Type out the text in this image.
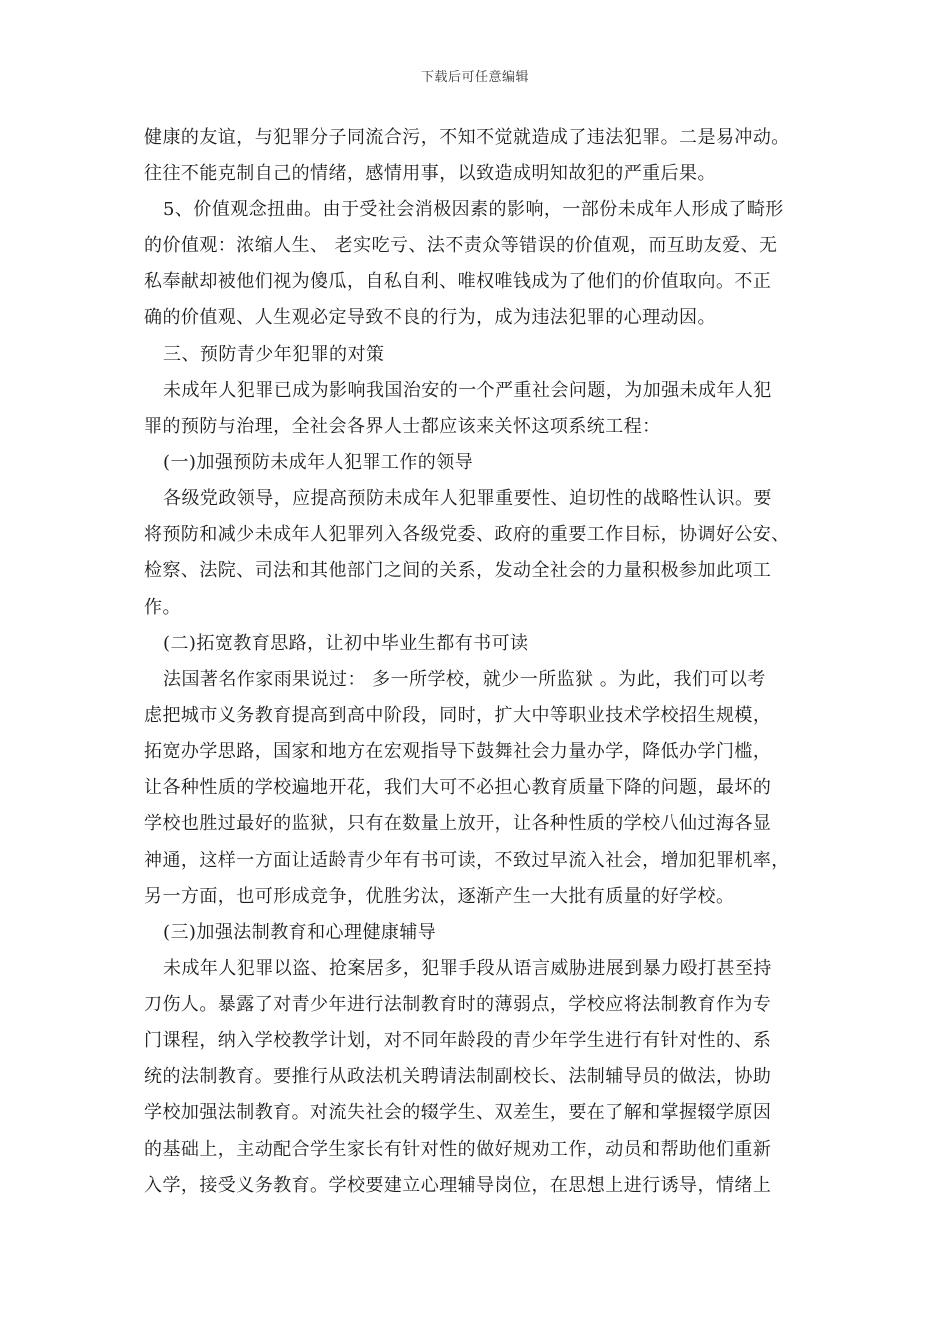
下载后可任意编辑
健康的友谊，与犯罪分子同流合污，不知不觉就造成了违法犯罪。二是易冲动。
往往不能克制自己的情绪，感情用事，以致造成明知故犯的严重后果。
5、价值观念扭曲。由于受社会消极因素的影响，一部份未成年人形成了畸形
的价值观：浓缩人生、 老实吃亏、法不责众等错误的价值观，而互助友爱、无
私奉献却被他们视为傻瓜，自私自利、唯权唯钱成为了他们的价值取向。不正
确的价值观、人生观必定导致不良的行为，成为违法犯罪的心理动因。
三、预防青少年犯罪的对策
未成年人犯罪已成为影响我国治安的一个严重社会问题，为加强未成年人犯
罪的预防与治理，全社会各界人士都应该来关怀这项系统工程：
(一)加强预防未成年人犯罪工作的领导
各级党政领导，应提高预防未成年人犯罪重要性、迫切性的战略性认识。要
将预防和减少未成年人犯罪列入各级党委、政府的重要工作目标，协调好公安、
检察、法院、司法和其他部门之间的关系，发动全社会的力量积极参加此项工
作。
(二)拓宽教育思路，让初中毕业生都有书可读
法国著名作家雨果说过： 多一所学校，就少一所监狱 。为此，我们可以考
虑把城市义务教育提高到高中阶段，同时，扩大中等职业技术学校招生规模，
拓宽办学思路，国家和地方在宏观指导下鼓舞社会力量办学，降低办学门槛，
让各种性质的学校遍地开花，我们大可不必担心教育质量下降的问题，最坏的
学校也胜过最好的监狱，只有在数量上放开，让各种性质的学校八仙过海各显
神通，这样一方面让适龄青少年有书可读，不致过早流入社会，增加犯罪机率，
另一方面，也可形成竞争，优胜劣汰，逐渐产生一大批有质量的好学校。
(三)加强法制教育和心理健康辅导
未成年人犯罪以盗、抢案居多，犯罪手段从语言威胁进展到暴力殴打甚至持
刀伤人。暴露了对青少年进行法制教育时的薄弱点，学校应将法制教育作为专
门课程，纳入学校教学计划，对不同年龄段的青少年学生进行有针对性的、系
统的法制教育。要推行从政法机关聘请法制副校长、法制辅导员的做法，协助
学校加强法制教育。对流失社会的辍学生、双差生，要在了解和掌握辍学原因
的基础上，主动配合学生家长有针对性的做好规劝工作，动员和帮助他们重新
入学，接受义务教育。学校要建立心理辅导岗位，在思想上进行诱导，情绪上
